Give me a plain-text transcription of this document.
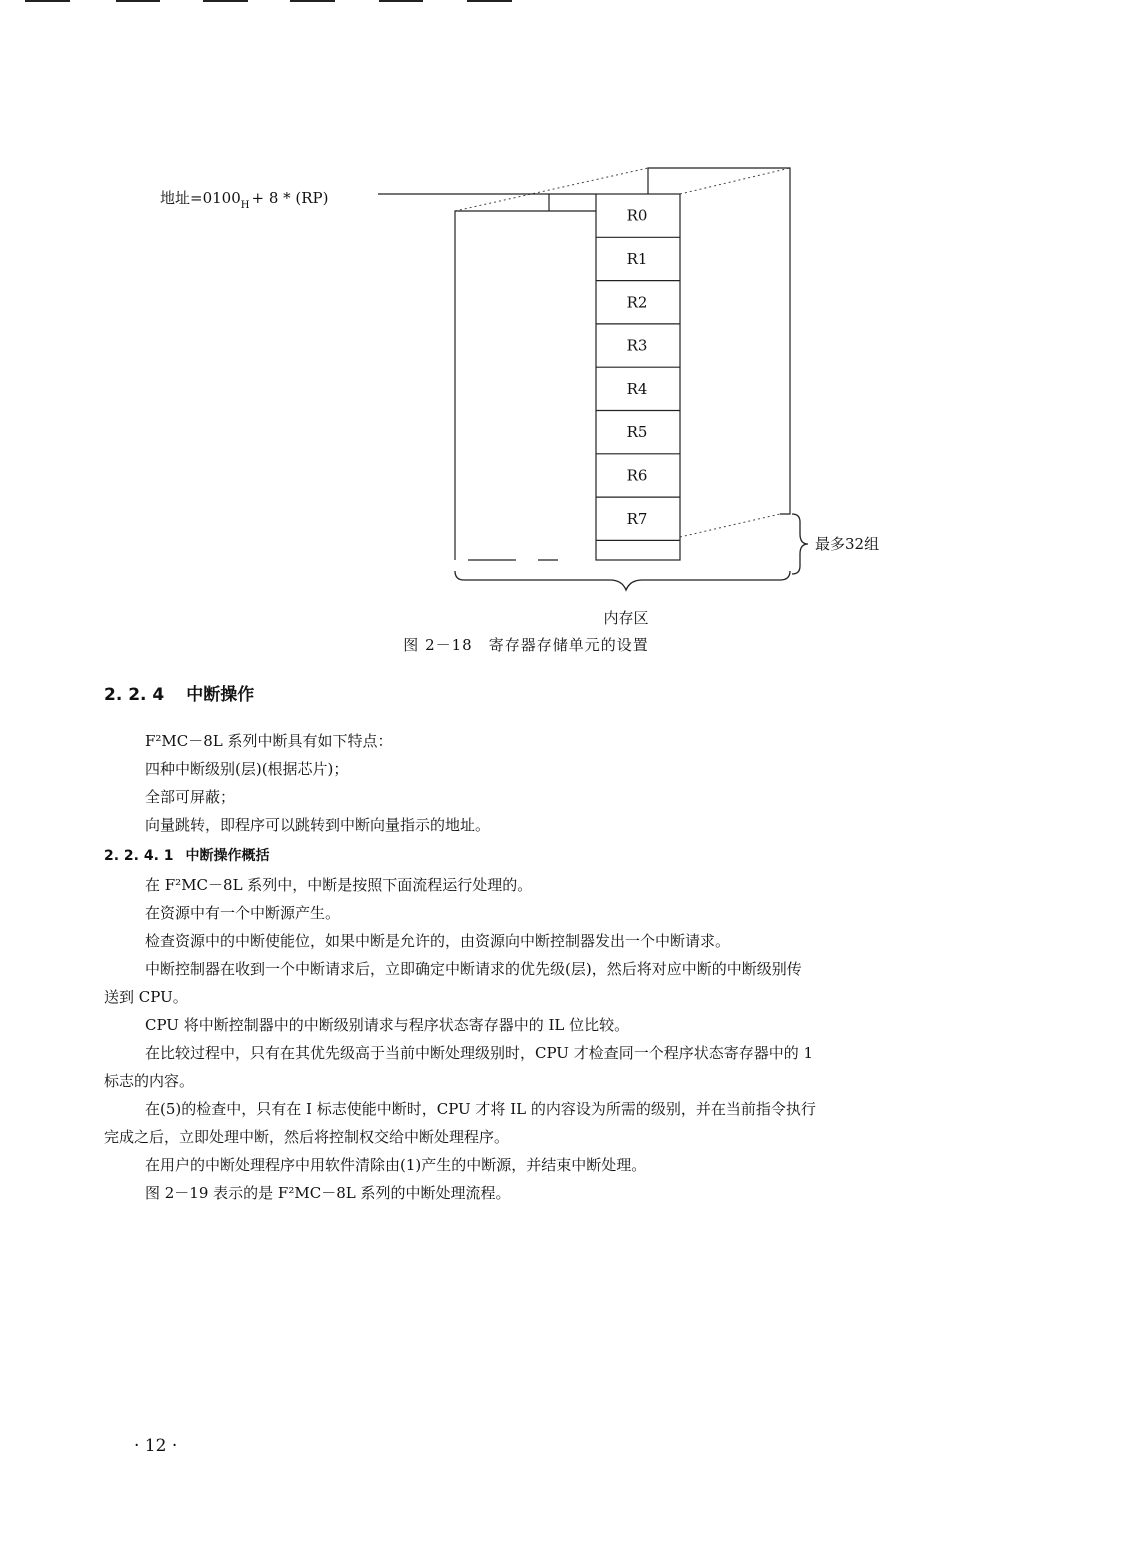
地址$=0100_H + 8 * (RP)$
R0
R1
R2
R3
R4
R5
R6
R7
最多32组
内存区
图 2－18　寄存器存储单元的设置
2. 2. 4 中断操作
F²MC－8L 系列中断具有如下特点：
四种中断级别(层)(根据芯片)；
全部可屏蔽；
向量跳转，即程序可以跳转到中断向量指示的地址。
2. 2. 4. 1 中断操作概括
在 F²MC－8L 系列中，中断是按照下面流程运行处理的。
在资源中有一个中断源产生。
检查资源中的中断使能位，如果中断是允许的，由资源向中断控制器发出一个中断请求。
中断控制器在收到一个中断请求后，立即确定中断请求的优先级(层)，然后将对应中断的中断级别传
送到 CPU。
CPU 将中断控制器中的中断级别请求与程序状态寄存器中的 IL 位比较。
在比较过程中，只有在其优先级高于当前中断处理级别时，CPU 才检查同一个程序状态寄存器中的 1
标志的内容。
在(5)的检查中，只有在 I 标志使能中断时，CPU 才将 IL 的内容设为所需的级别，并在当前指令执行
完成之后，立即处理中断，然后将控制权交给中断处理程序。
在用户的中断处理程序中用软件清除由(1)产生的中断源，并结束中断处理。
图 2－19 表示的是 F²MC－8L 系列的中断处理流程。
· 12 ·
